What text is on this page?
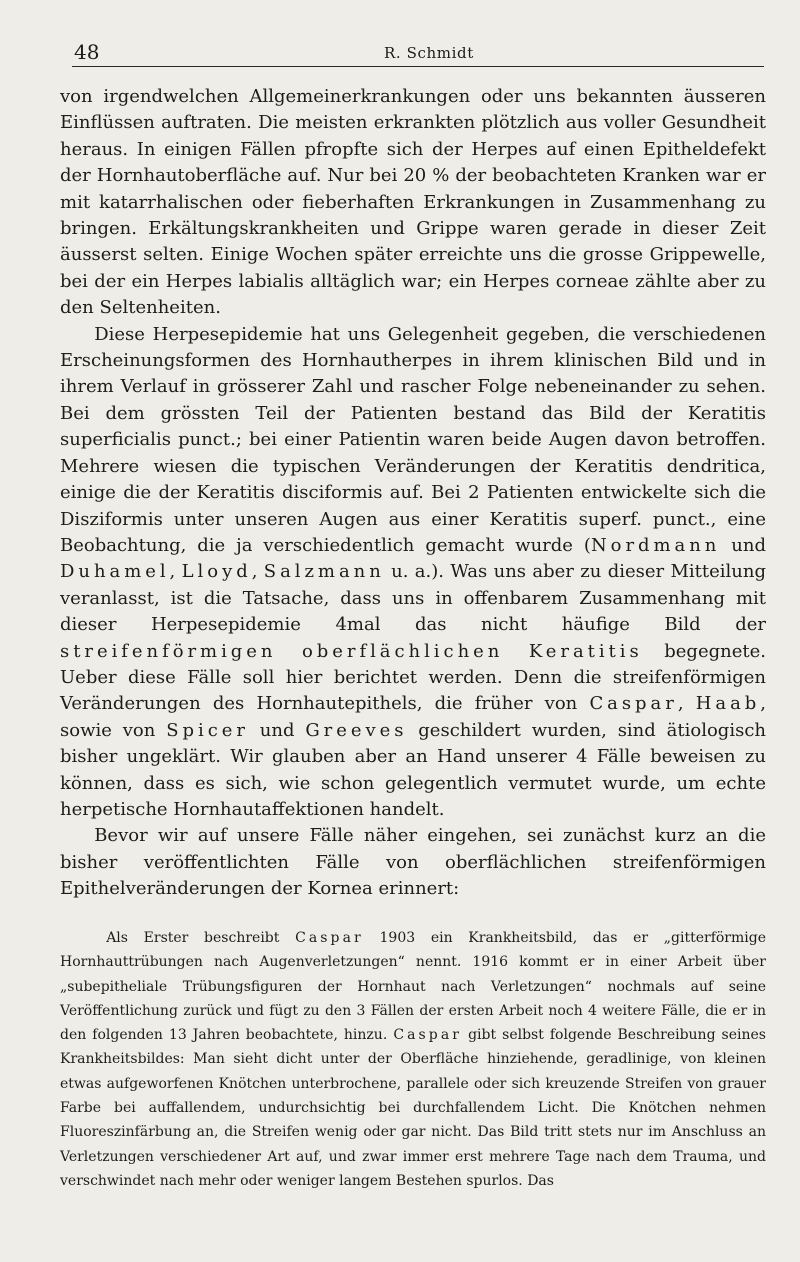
48	R. Schmidt

von irgendwelchen Allgemeinerkrankungen oder uns bekannten äusseren Einflüssen auftraten. Die meisten erkrankten plötzlich aus voller Gesundheit heraus. In einigen Fällen pfropfte sich der Herpes auf einen Epitheldefekt der Hornhautoberfläche auf. Nur bei 20 % der beobachteten Kranken war er mit katarrhalischen oder fieberhaften Erkrankungen in Zusammenhang zu bringen. Erkältungskrankheiten und Grippe waren gerade in dieser Zeit äusserst selten. Einige Wochen später erreichte uns die grosse Grippewelle, bei der ein Herpes labialis alltäglich war; ein Herpes corneae zählte aber zu den Seltenheiten.

Diese Herpesepidemie hat uns Gelegenheit gegeben, die verschiedenen Erscheinungsformen des Hornhautherpes in ihrem klinischen Bild und in ihrem Verlauf in grösserer Zahl und rascher Folge nebeneinander zu sehen. Bei dem grössten Teil der Patienten bestand das Bild der Keratitis superficialis punct.; bei einer Patientin waren beide Augen davon betroffen. Mehrere wiesen die typischen Veränderungen der Keratitis dendritica, einige die der Keratitis disciformis auf. Bei 2 Patienten entwickelte sich die Disziformis unter unseren Augen aus einer Keratitis superf. punct., eine Beobachtung, die ja verschiedentlich gemacht wurde (Nordmann und Duhamel, Lloyd, Salzmann u. a.). Was uns aber zu dieser Mitteilung veranlasst, ist die Tatsache, dass uns in offenbarem Zusammenhang mit dieser Herpesepidemie 4mal das nicht häufige Bild der streifenförmigen oberflächlichen Keratitis begegnete. Ueber diese Fälle soll hier berichtet werden. Denn die streifenförmigen Veränderungen des Hornhautepithels, die früher von Caspar, Haab, sowie von Spicer und Greeves geschildert wurden, sind ätiologisch bisher ungeklärt. Wir glauben aber an Hand unserer 4 Fälle beweisen zu können, dass es sich, wie schon gelegentlich vermutet wurde, um echte herpetische Hornhautaffektionen handelt.

Bevor wir auf unsere Fälle näher eingehen, sei zunächst kurz an die bisher veröffentlichten Fälle von oberflächlichen streifenförmigen Epithelveränderungen der Kornea erinnert:

Als Erster beschreibt Caspar 1903 ein Krankheitsbild, das er „gitterförmige Hornhauttrübungen nach Augenverletzungen“ nennt. 1916 kommt er in einer Arbeit über „subepitheliale Trübungsfiguren der Hornhaut nach Verletzungen“ nochmals auf seine Veröffentlichung zurück und fügt zu den 3 Fällen der ersten Arbeit noch 4 weitere Fälle, die er in den folgenden 13 Jahren beobachtete, hinzu. Caspar gibt selbst folgende Beschreibung seines Krankheitsbildes: Man sieht dicht unter der Oberfläche hinziehende, geradlinige, von kleinen etwas aufgeworfenen Knötchen unterbrochene, parallele oder sich kreuzende Streifen von grauer Farbe bei auffallendem, undurchsichtig bei durchfallendem Licht. Die Knötchen nehmen Fluoreszinfärbung an, die Streifen wenig oder gar nicht. Das Bild tritt stets nur im Anschluss an Verletzungen verschiedener Art auf, und zwar immer erst mehrere Tage nach dem Trauma, und verschwindet nach mehr oder weniger langem Bestehen spurlos. Das
